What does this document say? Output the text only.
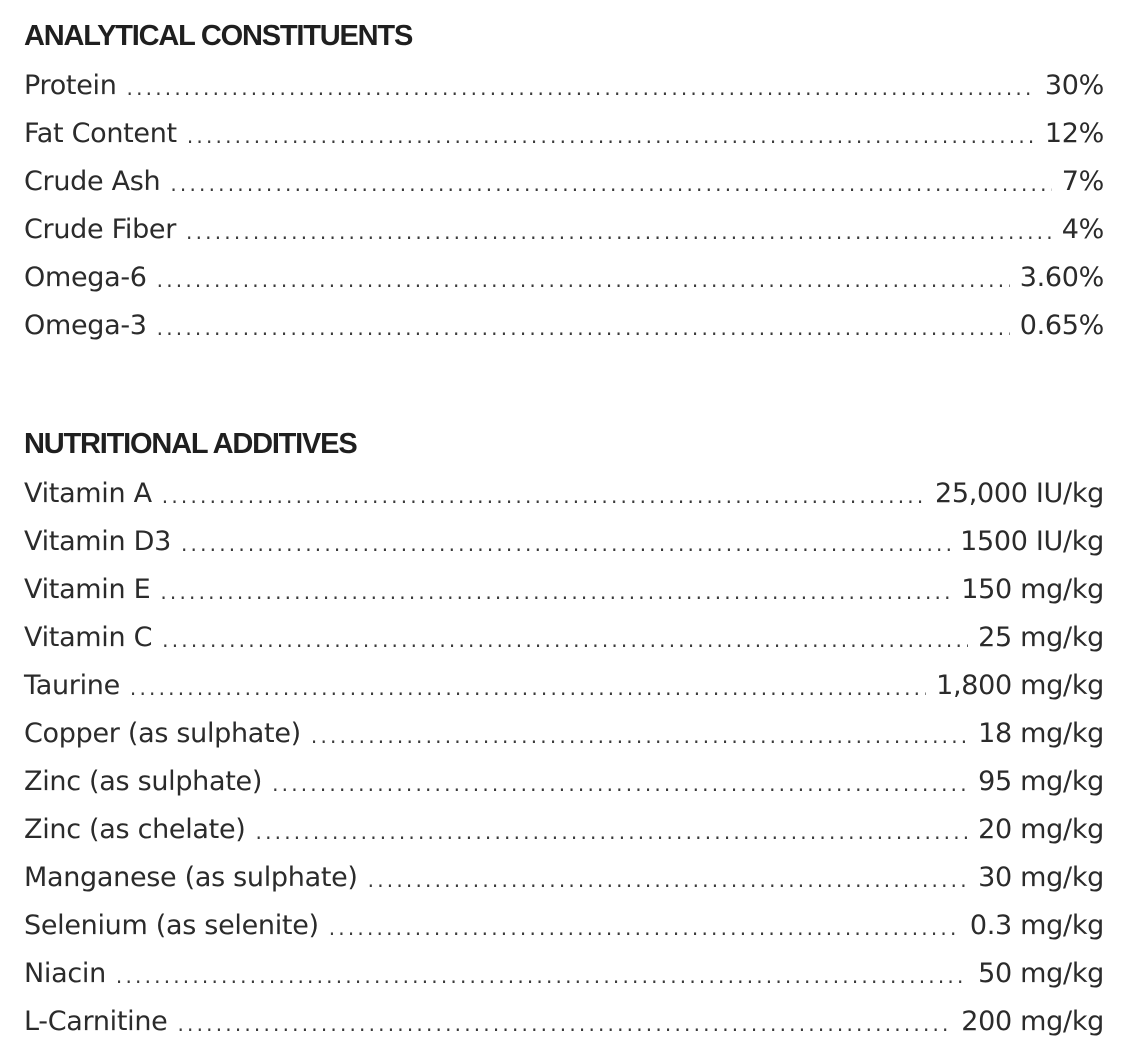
ANALYTICAL CONSTITUENTS
Protein .....	30%
Fat Content .....	12%
Crude Ash .....	7%
Crude Fiber .....	4%
Omega-6 .....	3.60%
Omega-3 .....	0.65%
NUTRITIONAL ADDITIVES
Vitamin A .....	25,000 IU/kg
Vitamin D3 .....	1500 IU/kg
Vitamin E .....	150 mg/kg
Vitamin C .....	25 mg/kg
Taurine .....	1,800 mg/kg
Copper (as sulphate) .....	18 mg/kg
Zinc (as sulphate) .....	95 mg/kg
Zinc (as chelate) .....	20 mg/kg
Manganese (as sulphate) .....	30 mg/kg
Selenium (as selenite) .....	0.3 mg/kg
Niacin .....	50 mg/kg
L-Carnitine .....	200 mg/kg
